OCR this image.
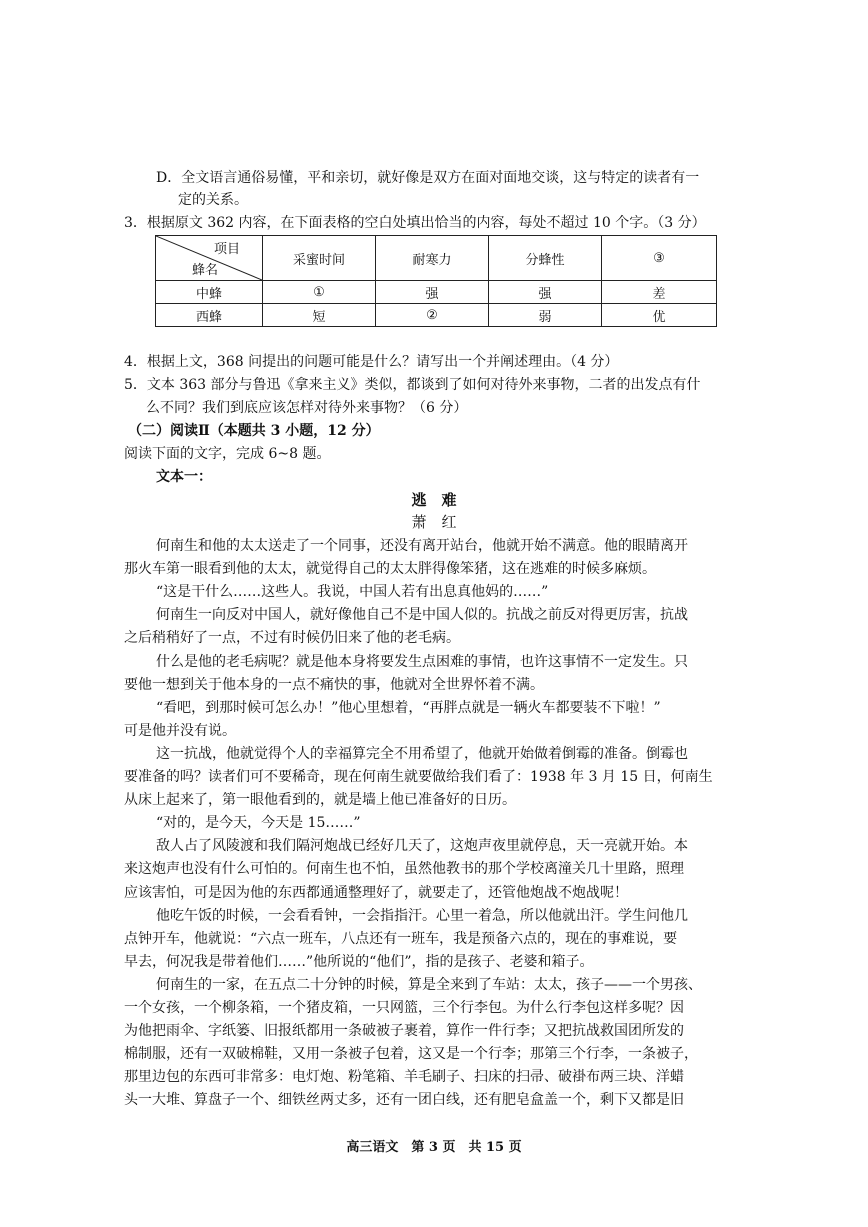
D．全文语言通俗易懂，平和亲切，就好像是双方在面对面地交谈，这与特定的读者有一
定的关系。
3．根据原文 362 内容，在下面表格的空白处填出恰当的内容，每处不超过 10 个字。（3 分）
项目
蜂名	采蜜时间	耐寒力	分蜂性	③
中蜂	①	强	强	差
西蜂	短	②	弱	优
4．根据上文，368 问提出的问题可能是什么？请写出一个并阐述理由。（4 分）
5．文本 363 部分与鲁迅《拿来主义》类似，都谈到了如何对待外来事物，二者的出发点有什
么不同？我们到底应该怎样对待外来事物？（6 分）
（二）阅读Ⅱ（本题共 3 小题，12 分）
阅读下面的文字，完成 6~8 题。
文本一：
逃　难
萧　红
何南生和他的太太送走了一个同事，还没有离开站台，他就开始不满意。他的眼睛离开
那火车第一眼看到他的太太，就觉得自己的太太胖得像笨猪，这在逃难的时候多麻烦。
“这是干什么……这些人。我说，中国人若有出息真他妈的……”
何南生一向反对中国人，就好像他自己不是中国人似的。抗战之前反对得更厉害，抗战
之后稍稍好了一点，不过有时候仍旧来了他的老毛病。
什么是他的老毛病呢？就是他本身将要发生点困难的事情，也许这事情不一定发生。只
要他一想到关于他本身的一点不痛快的事，他就对全世界怀着不满。
“看吧，到那时候可怎么办！”他心里想着，“再胖点就是一辆火车都要装不下啦！”
可是他并没有说。
这一抗战，他就觉得个人的幸福算完全不用希望了，他就开始做着倒霉的准备。倒霉也
要准备的吗？读者们可不要稀奇，现在何南生就要做给我们看了：1938 年 3 月 15 日，何南生
从床上起来了，第一眼他看到的，就是墙上他已准备好的日历。
“对的，是今天，今天是 15……”
敌人占了风陵渡和我们隔河炮战已经好几天了，这炮声夜里就停息，天一亮就开始。本
来这炮声也没有什么可怕的。何南生也不怕，虽然他教书的那个学校离潼关几十里路，照理
应该害怕，可是因为他的东西都通通整理好了，就要走了，还管他炮战不炮战呢！
他吃午饭的时候，一会看看钟，一会指指汗。心里一着急，所以他就出汗。学生问他几
点钟开车，他就说：“六点一班车，八点还有一班车，我是预备六点的，现在的事难说，要
早去，何况我是带着他们……”他所说的“他们”，指的是孩子、老婆和箱子。
何南生的一家，在五点二十分钟的时候，算是全来到了车站：太太，孩子——一个男孩、
一个女孩，一个柳条箱，一个猪皮箱，一只网篮，三个行李包。为什么行李包这样多呢？因
为他把雨伞、字纸篓、旧报纸都用一条破被子裹着，算作一件行李；又把抗战救国团所发的
棉制服，还有一双破棉鞋，又用一条被子包着，这又是一个行李；那第三个行李，一条被子，
那里边包的东西可非常多：电灯炮、粉笔箱、羊毛刷子、扫床的扫帚、破褂布两三块、洋蜡
头一大堆、算盘子一个、细铁丝两丈多，还有一团白线，还有肥皂盒盖一个，剩下又都是旧
高三语文　第 3 页　共 15 页
